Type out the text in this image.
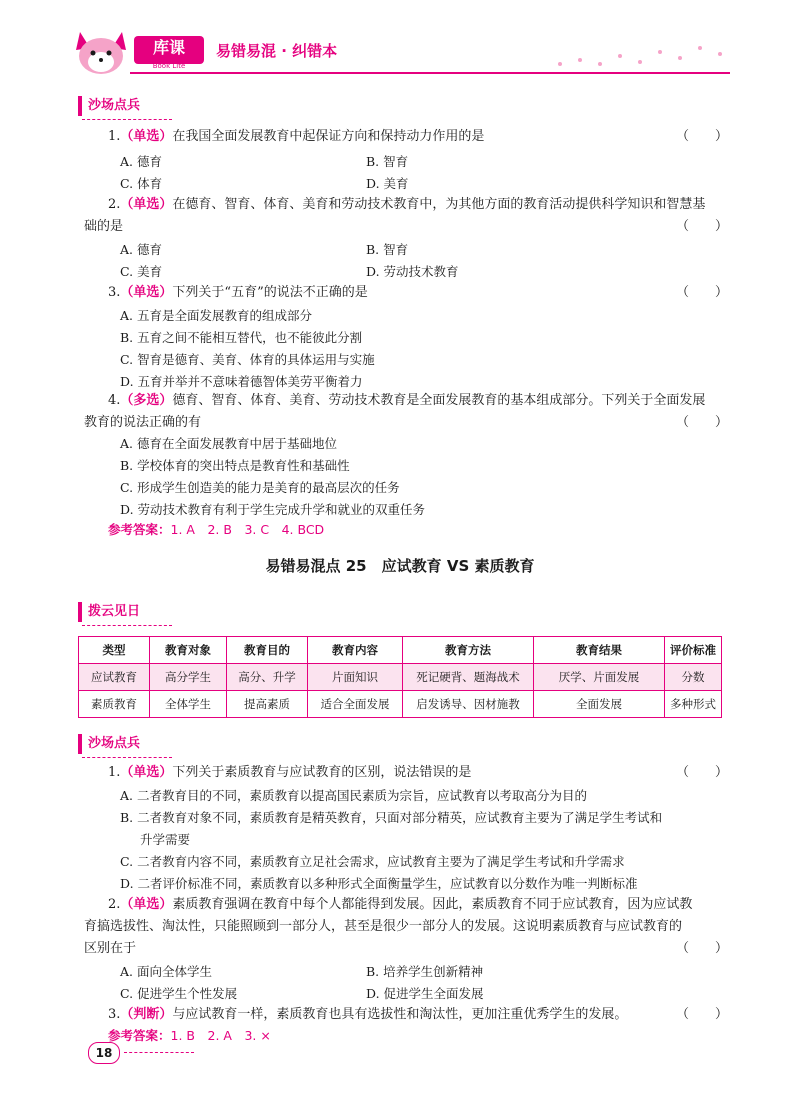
库课
Book Lite
易错易混 · 纠错本
沙场点兵
1.（单选）在我国全面发展教育中起保证方向和保持动力作用的是	（　　）
A. 德育	B. 智育
C. 体育	D. 美育
2.（单选）在德育、智育、体育、美育和劳动技术教育中，为其他方面的教育活动提供科学知识和智慧基
础的是	（　　）
A. 德育	B. 智育
C. 美育	D. 劳动技术教育
3.（单选）下列关于“五育”的说法不正确的是	（　　）
A. 五育是全面发展教育的组成部分
B. 五育之间不能相互替代，也不能彼此分割
C. 智育是德育、美育、体育的具体运用与实施
D. 五育并举并不意味着德智体美劳平衡着力
4.（多选）德育、智育、体育、美育、劳动技术教育是全面发展教育的基本组成部分。下列关于全面发展
教育的说法正确的有	（　　）
A. 德育在全面发展教育中居于基础地位
B. 学校体育的突出特点是教育性和基础性
C. 形成学生创造美的能力是美育的最高层次的任务
D. 劳动技术教育有利于学生完成升学和就业的双重任务
参考答案：1. A　2. B　3. C　4. BCD
易错易混点 25　应试教育 VS 素质教育
拨云见日
类型	教育对象	教育目的	教育内容	教育方法	教育结果	评价标准
应试教育	高分学生	高分、升学	片面知识	死记硬背、题海战术	厌学、片面发展	分数
素质教育	全体学生	提高素质	适合全面发展	启发诱导、因材施教	全面发展	多种形式
沙场点兵
1.（单选）下列关于素质教育与应试教育的区别，说法错误的是	（　　）
A. 二者教育目的不同，素质教育以提高国民素质为宗旨，应试教育以考取高分为目的
B. 二者教育对象不同，素质教育是精英教育，只面对部分精英，应试教育主要为了满足学生考试和
升学需要
C. 二者教育内容不同，素质教育立足社会需求，应试教育主要为了满足学生考试和升学需求
D. 二者评价标准不同，素质教育以多种形式全面衡量学生，应试教育以分数作为唯一判断标准
2.（单选）素质教育强调在教育中每个人都能得到发展。因此，素质教育不同于应试教育，因为应试教
育搞选拔性、淘汰性，只能照顾到一部分人，甚至是很少一部分人的发展。这说明素质教育与应试教育的
区别在于	（　　）
A. 面向全体学生	B. 培养学生创新精神
C. 促进学生个性发展	D. 促进学生全面发展
3.（判断）与应试教育一样，素质教育也具有选拔性和淘汰性，更加注重优秀学生的发展。	（　　）
参考答案：1. B　2. A　3. ×
18
